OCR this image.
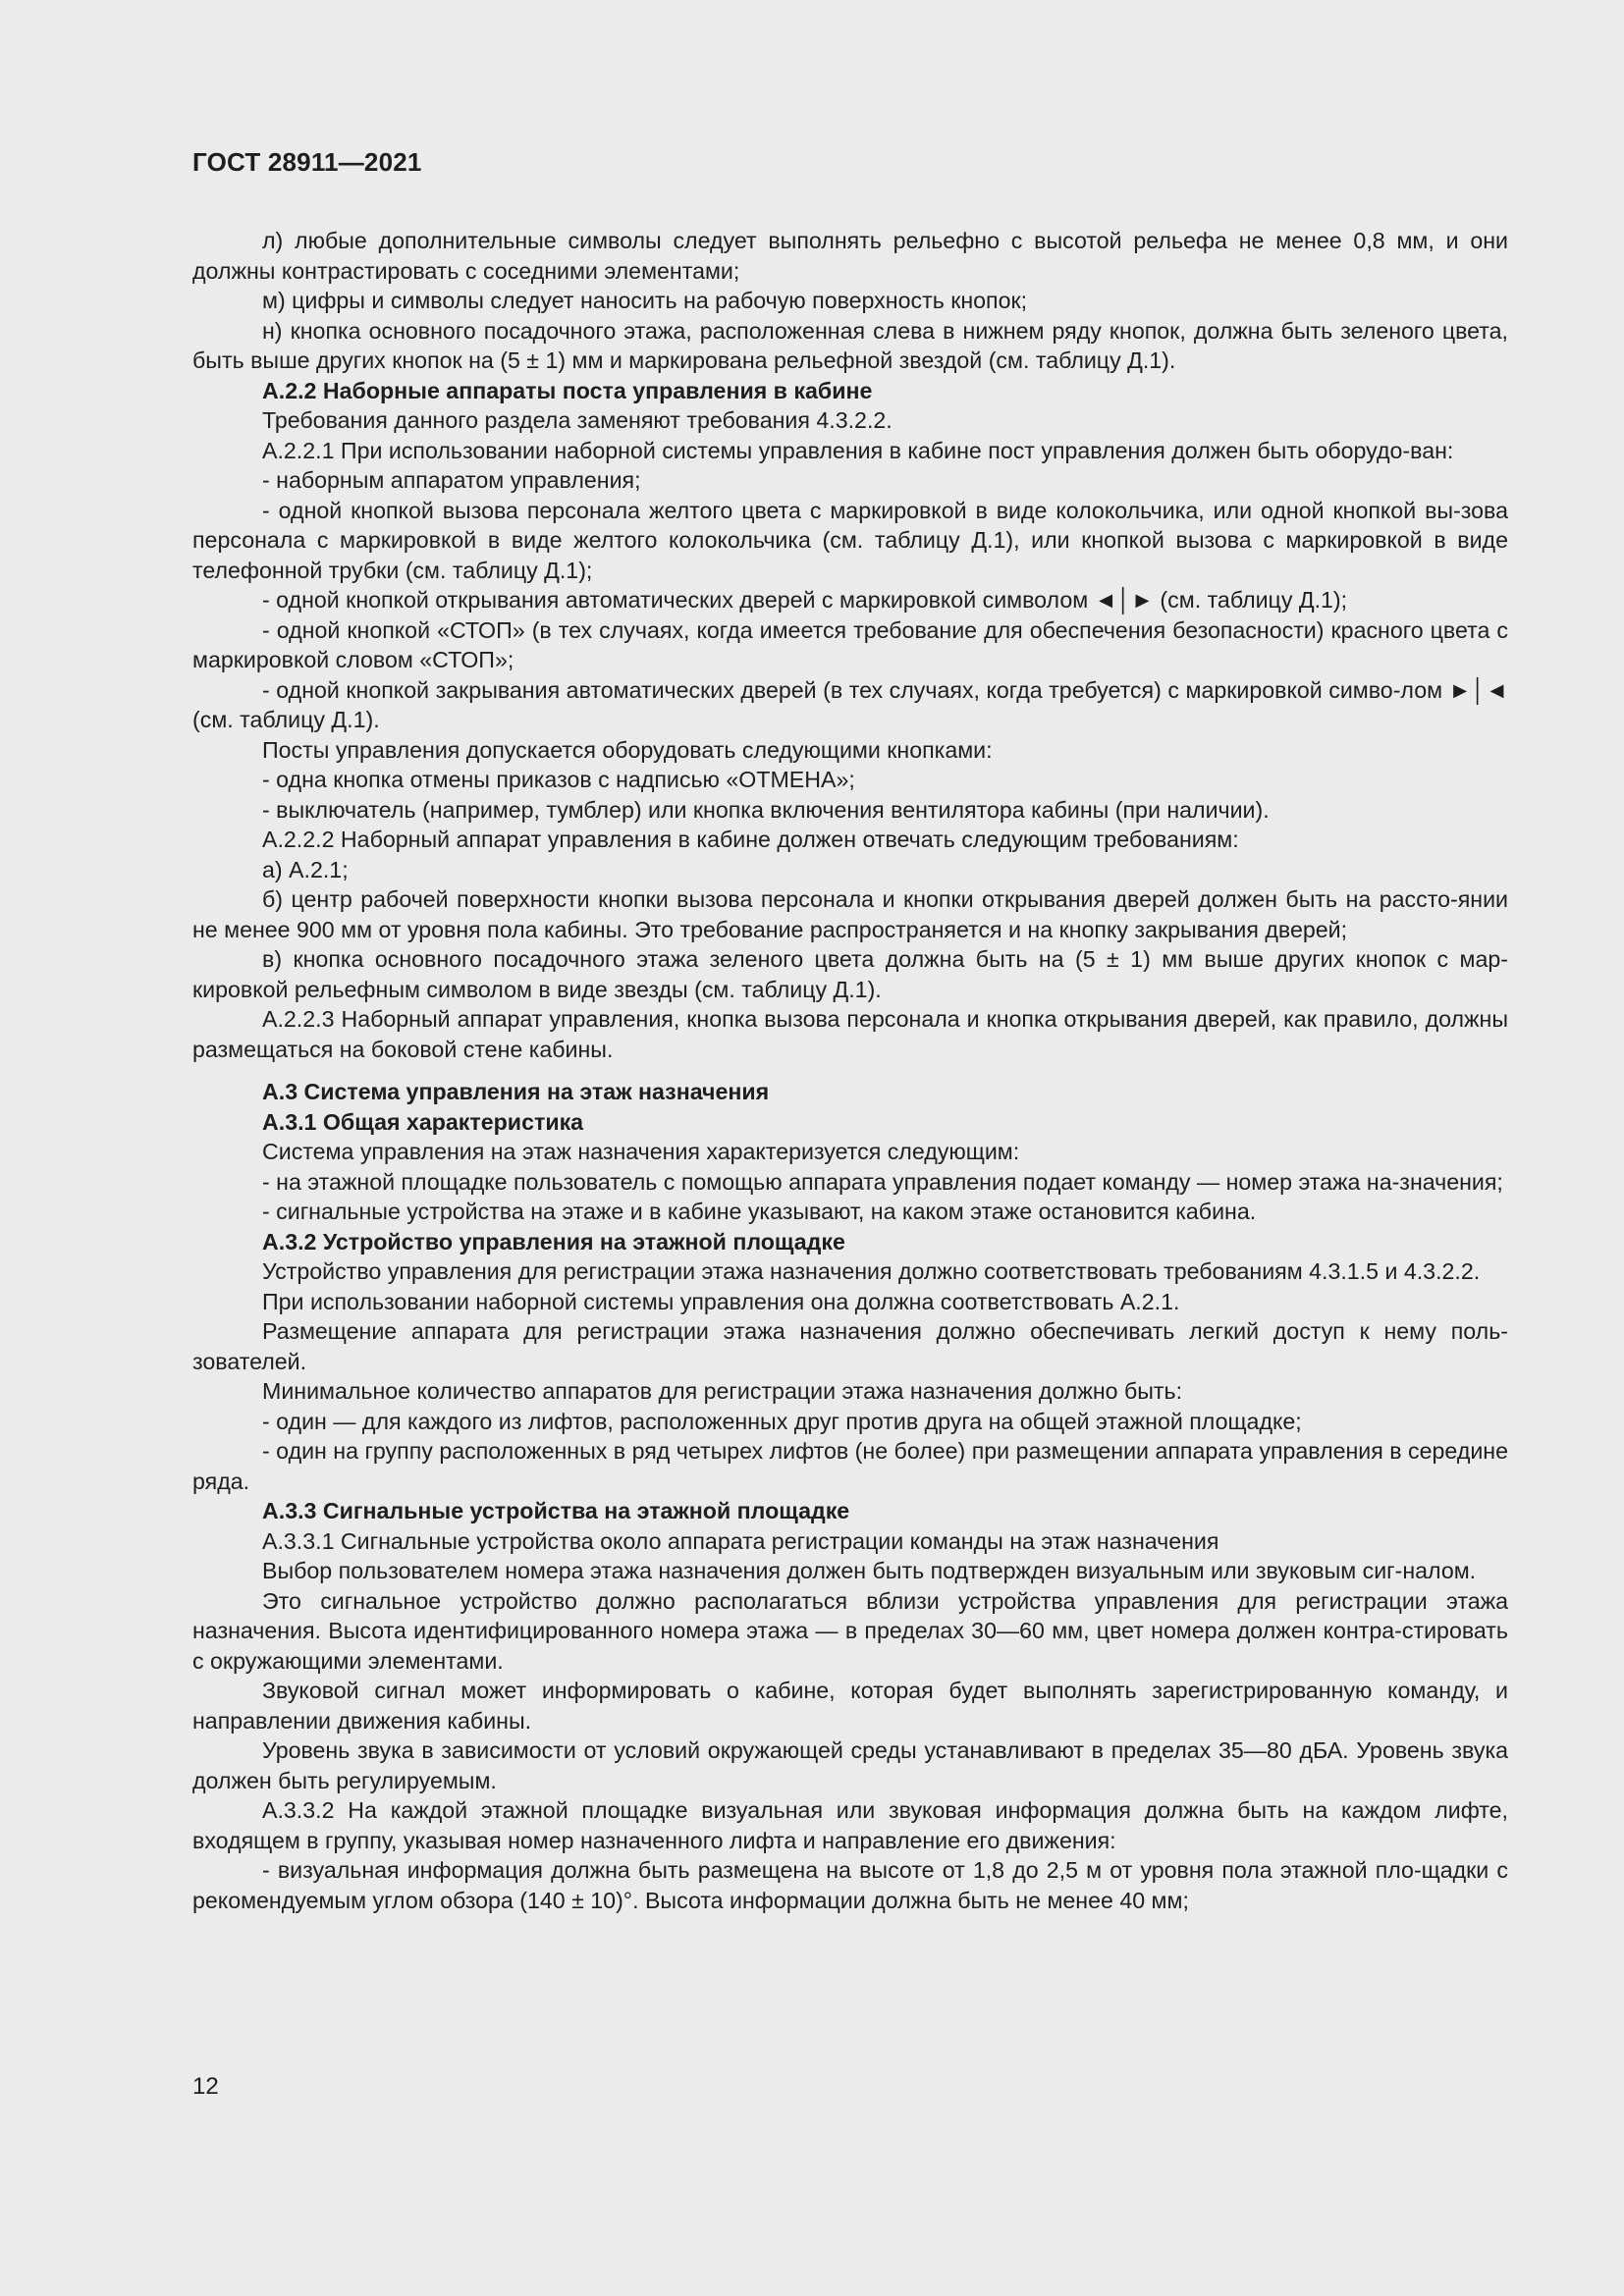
ГОСТ 28911—2021

л) любые дополнительные символы следует выполнять рельефно с высотой рельефа не менее 0,8 мм, и они должны контрастировать с соседними элементами;

м) цифры и символы следует наносить на рабочую поверхность кнопок;

н) кнопка основного посадочного этажа, расположенная слева в нижнем ряду кнопок, должна быть зеленого цвета, быть выше других кнопок на (5 ± 1) мм и маркирована рельефной звездой (см. таблицу Д.1).

А.2.2 Наборные аппараты поста управления в кабине

Требования данного раздела заменяют требования 4.3.2.2.

А.2.2.1 При использовании наборной системы управления в кабине пост управления должен быть оборудо-ван:

- наборным аппаратом управления;

- одной кнопкой вызова персонала желтого цвета с маркировкой в виде колокольчика, или одной кнопкой вы-зова персонала с маркировкой в виде желтого колокольчика (см. таблицу Д.1), или кнопкой вызова с маркировкой в виде телефонной трубки (см. таблицу Д.1);

- одной кнопкой открывания автоматических дверей с маркировкой символом ◄│► (см. таблицу Д.1);

- одной кнопкой «СТОП» (в тех случаях, когда имеется требование для обеспечения безопасности) красного цвета с маркировкой словом «СТОП»;

- одной кнопкой закрывания автоматических дверей (в тех случаях, когда требуется) с маркировкой симво-лом ►│◄ (см. таблицу Д.1).

Посты управления допускается оборудовать следующими кнопками:

- одна кнопка отмены приказов с надписью «ОТМЕНА»;

- выключатель (например, тумблер) или кнопка включения вентилятора кабины (при наличии).

А.2.2.2 Наборный аппарат управления в кабине должен отвечать следующим требованиям:

а) А.2.1;

б) центр рабочей поверхности кнопки вызова персонала и кнопки открывания дверей должен быть на рассто-янии не менее 900 мм от уровня пола кабины. Это требование распространяется и на кнопку закрывания дверей;

в) кнопка основного посадочного этажа зеленого цвета должна быть на (5 ± 1) мм выше других кнопок с мар-кировкой рельефным символом в виде звезды (см. таблицу Д.1).

А.2.2.3 Наборный аппарат управления, кнопка вызова персонала и кнопка открывания дверей, как правило, должны размещаться на боковой стене кабины.

А.3 Система управления на этаж назначения

А.3.1 Общая характеристика

Система управления на этаж назначения характеризуется следующим:

- на этажной площадке пользователь с помощью аппарата управления подает команду — номер этажа на-значения;

- сигнальные устройства на этаже и в кабине указывают, на каком этаже остановится кабина.

А.3.2 Устройство управления на этажной площадке

Устройство управления для регистрации этажа назначения должно соответствовать требованиям 4.3.1.5 и 4.3.2.2.

При использовании наборной системы управления она должна соответствовать А.2.1.

Размещение аппарата для регистрации этажа назначения должно обеспечивать легкий доступ к нему поль-зователей.

Минимальное количество аппаратов для регистрации этажа назначения должно быть:

- один — для каждого из лифтов, расположенных друг против друга на общей этажной площадке;

- один на группу расположенных в ряд четырех лифтов (не более) при размещении аппарата управления в середине ряда.

А.3.3 Сигнальные устройства на этажной площадке

А.3.3.1 Сигнальные устройства около аппарата регистрации команды на этаж назначения

Выбор пользователем номера этажа назначения должен быть подтвержден визуальным или звуковым сиг-налом.

Это сигнальное устройство должно располагаться вблизи устройства управления для регистрации этажа назначения. Высота идентифицированного номера этажа — в пределах 30—60 мм, цвет номера должен контра-стировать с окружающими элементами.

Звуковой сигнал может информировать о кабине, которая будет выполнять зарегистрированную команду, и направлении движения кабины.

Уровень звука в зависимости от условий окружающей среды устанавливают в пределах 35—80 дБА. Уровень звука должен быть регулируемым.

А.3.3.2 На каждой этажной площадке визуальная или звуковая информация должна быть на каждом лифте, входящем в группу, указывая номер назначенного лифта и направление его движения:

- визуальная информация должна быть размещена на высоте от 1,8 до 2,5 м от уровня пола этажной пло-щадки с рекомендуемым углом обзора (140 ± 10)°. Высота информации должна быть не менее 40 мм;

12
